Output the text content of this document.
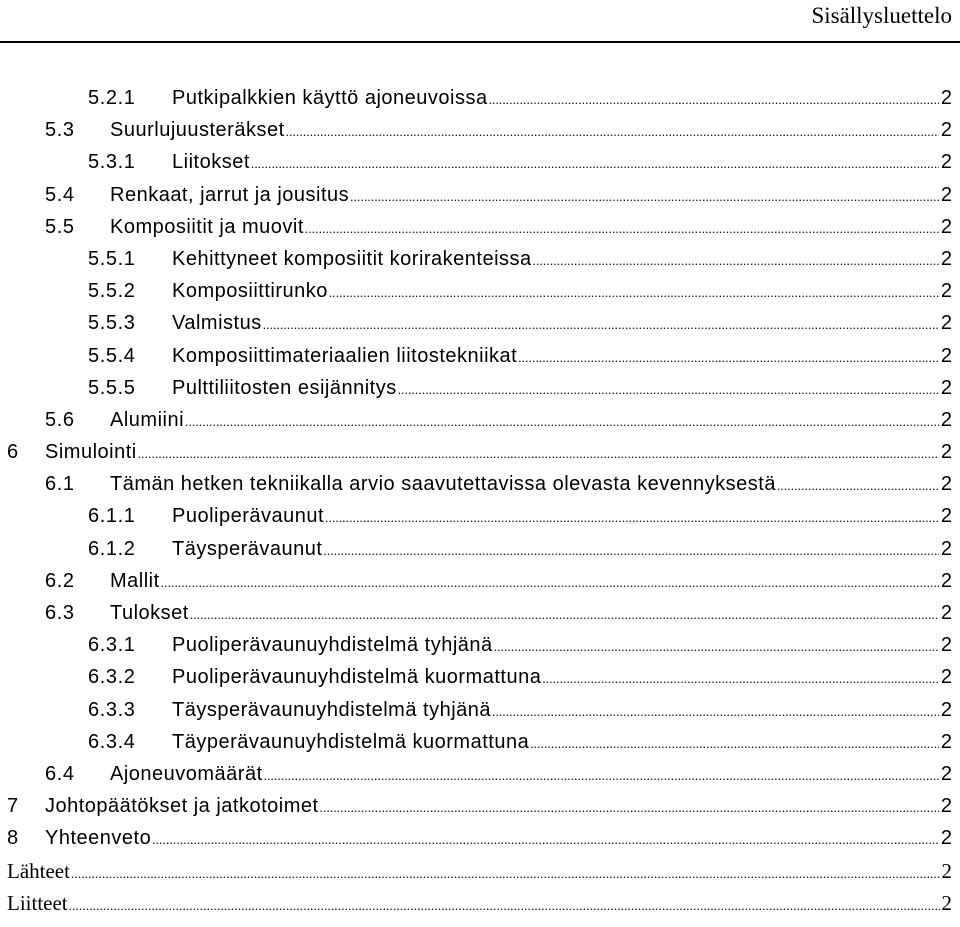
Sisällysluettelo
5.2.1 Putkipalkkien käyttö ajoneuvoissa .....	2
5.3 Suurlujuusteräkset .....	2
5.3.1 Liitokset .....	2
5.4 Renkaat, jarrut ja jousitus .....	2
5.5 Komposiitit ja muovit .....	2
5.5.1 Kehittyneet komposiitit korirakenteissa .....	2
5.5.2 Komposiittirunko .....	2
5.5.3 Valmistus .....	2
5.5.4 Komposiittimateriaalien liitostekniikat .....	2
5.5.5 Pulttiliitosten esijännitys .....	2
5.6 Alumiini .....	2
6 Simulointi .....	2
6.1 Tämän hetken tekniikalla arvio saavutettavissa olevasta kevennyksestä .....	2
6.1.1 Puoliperävaunut .....	2
6.1.2 Täysperävaunut .....	2
6.2 Mallit .....	2
6.3 Tulokset .....	2
6.3.1 Puoliperävaunuyhdistelmä tyhjänä .....	2
6.3.2 Puoliperävaunuyhdistelmä kuormattuna .....	2
6.3.3 Täysperävaunuyhdistelmä tyhjänä .....	2
6.3.4 Täyperävaunuyhdistelmä kuormattuna .....	2
6.4 Ajoneuvomäärät .....	2
7 Johtopäätökset ja jatkotoimet .....	2
8 Yhteenveto .....	2
Lähteet .....	2
Liitteet .....	2
